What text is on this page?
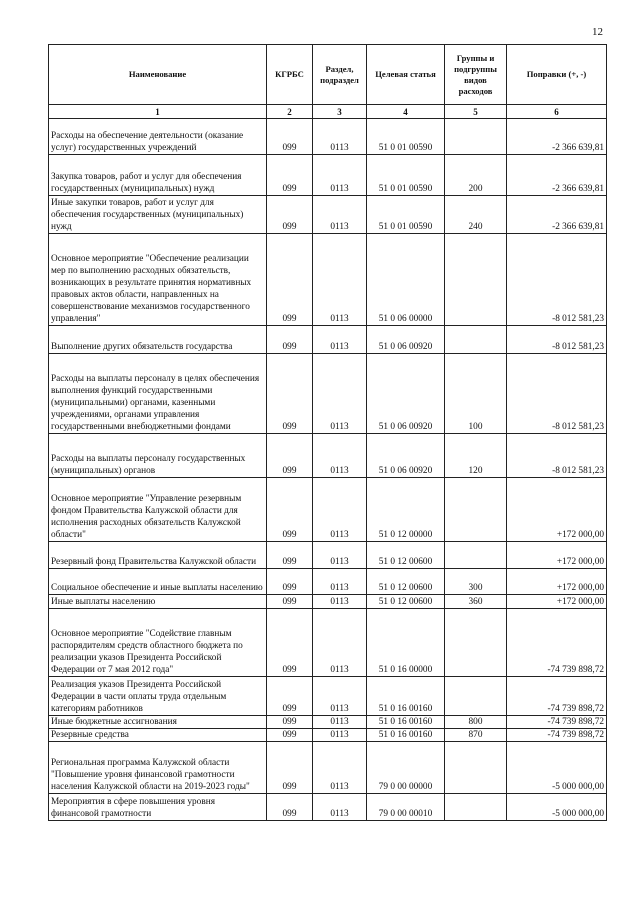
12
Наименование	КГРБС	Раздел, подраздел	Целевая статья	Группы и подгруппы видов расходов	Поправки (+, -)
1	2	3	4	5	6
Расходы на обеспечение деятельности (оказание услуг) государственных учреждений	099	0113	51 0 01 00590		-2 366 639,81
Закупка товаров, работ и услуг для обеспечения государственных (муниципальных) нужд	099	0113	51 0 01 00590	200	-2 366 639,81
Иные закупки товаров, работ и услуг для обеспечения государственных (муниципальных) нужд	099	0113	51 0 01 00590	240	-2 366 639,81
Основное мероприятие "Обеспечение реализации мер по выполнению расходных обязательств, возникающих в результате принятия нормативных правовых актов области, направленных на совершенствование механизмов государственного управления"	099	0113	51 0 06 00000		-8 012 581,23
Выполнение других обязательств государства	099	0113	51 0 06 00920		-8 012 581,23
Расходы на выплаты персоналу в целях обеспечения выполнения функций государственными (муниципальными) органами, казенными учреждениями, органами управления государственными внебюджетными фондами	099	0113	51 0 06 00920	100	-8 012 581,23
Расходы на выплаты персоналу государственных (муниципальных) органов	099	0113	51 0 06 00920	120	-8 012 581,23
Основное мероприятие "Управление резервным фондом Правительства Калужской области для исполнения расходных обязательств Калужской области"	099	0113	51 0 12 00000		+172 000,00
Резервный фонд Правительства Калужской области	099	0113	51 0 12 00600		+172 000,00
Социальное обеспечение и иные выплаты населению	099	0113	51 0 12 00600	300	+172 000,00
Иные выплаты населению	099	0113	51 0 12 00600	360	+172 000,00
Основное мероприятие "Содействие главным распорядителям средств областного бюджета по реализации указов Президента Российской Федерации от 7 мая 2012 года"	099	0113	51 0 16 00000		-74 739 898,72
Реализация указов Президента Российской Федерации в части оплаты труда отдельным категориям работников	099	0113	51 0 16 00160		-74 739 898,72
Иные бюджетные ассигнования	099	0113	51 0 16 00160	800	-74 739 898,72
Резервные средства	099	0113	51 0 16 00160	870	-74 739 898,72
Региональная программа Калужской области "Повышение уровня финансовой грамотности населения Калужской области на 2019-2023 годы"	099	0113	79 0 00 00000		-5 000 000,00
Мероприятия в сфере повышения уровня финансовой грамотности	099	0113	79 0 00 00010		-5 000 000,00
